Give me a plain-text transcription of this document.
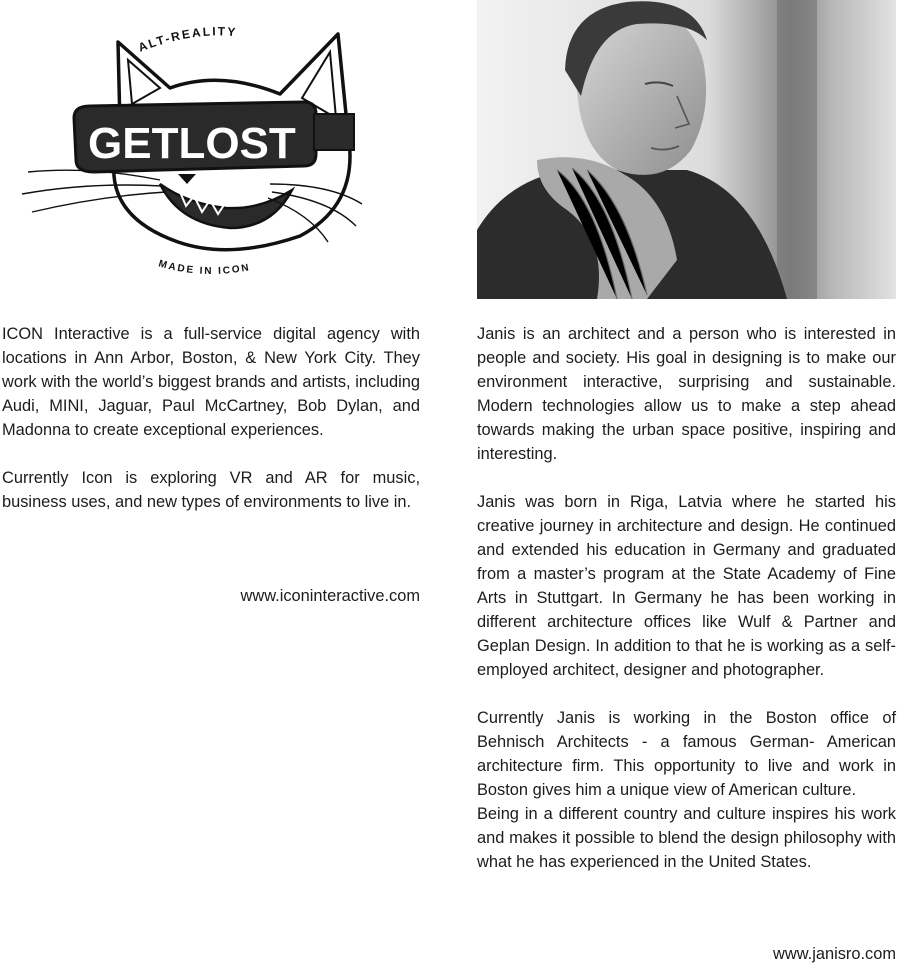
ALT-REALITY
GETLOST
MADE IN ICON

ICON Interactive is a full-service digital agency with locations in Ann Arbor, Boston, & New York City. They work with the world’s biggest brands and artists, including Audi, MINI, Jaguar, Paul McCartney, Bob Dylan, and Madonna to create exceptional experiences.

Currently Icon is exploring VR and AR for music, business uses, and new types of environments to live in.

www.iconinteractive.com

Janis is an architect and a person who is interested in people and society. His goal in designing is to make our environment interactive, surprising and sustainable. Modern technologies allow us to make a step ahead towards making the urban space positive, inspiring and interesting.

Janis was born in Riga, Latvia where he started his creative journey in architecture and design. He continued and extended his education in Germany and graduated from a master’s program at the State Academy of Fine Arts in Stuttgart. In Germany he has been working in different architecture offices like Wulf & Partner and Geplan Design. In addition to that he is working as a self-employed architect, designer and photographer.

Currently Janis is working in the Boston office of Behnisch Architects - a famous German- American architecture firm. This opportunity to live and work in Boston gives him a unique view of American culture.

Being in a different country and culture inspires his work and makes it possible to blend the design philosophy with what he has experienced in the United States.

www.janisro.com
